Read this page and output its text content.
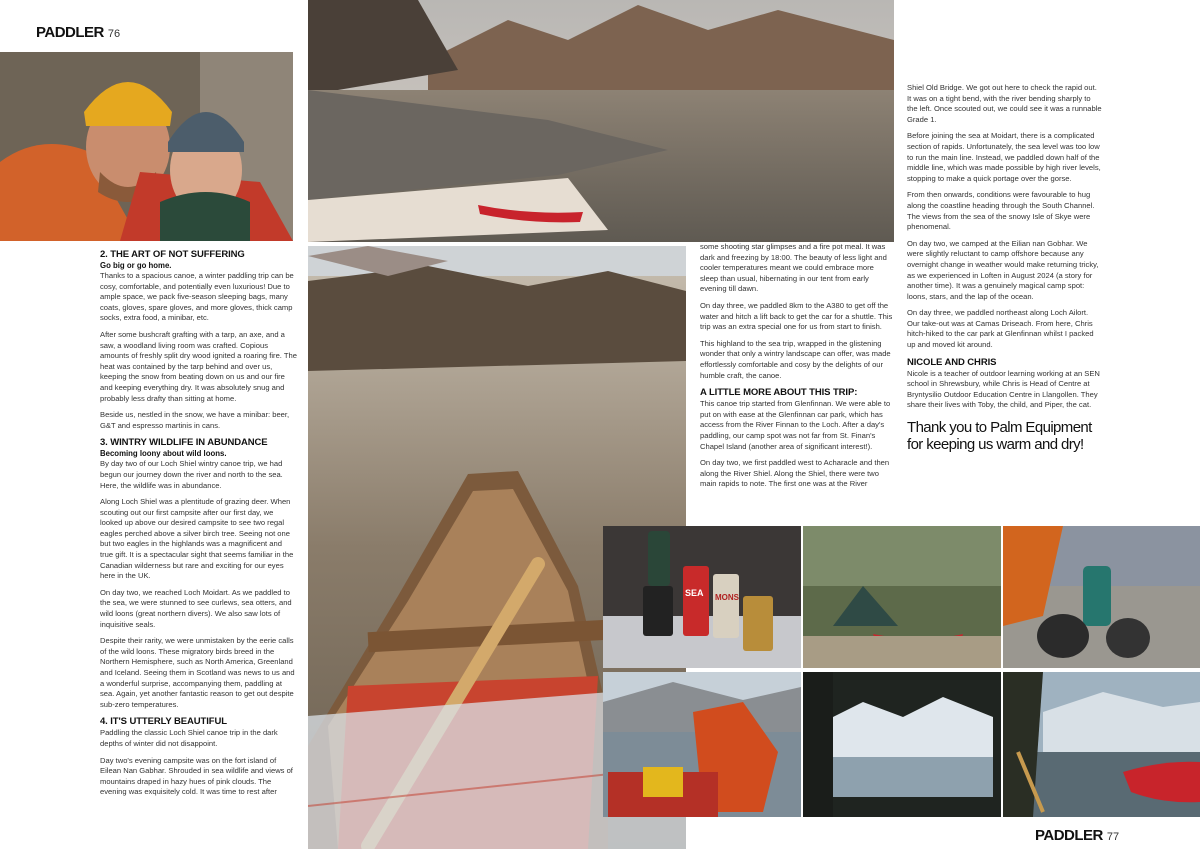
PADDLER 76
SEA MONS
2. THE ART OF NOT SUFFERING
Go big or go home.

Thanks to a spacious canoe, a winter paddling trip can be cosy, comfortable, and potentially even luxurious! Due to ample space, we pack five-season sleeping bags, many coats, gloves, spare gloves, and more gloves, thick camp socks, extra food, a minibar, etc.

After some bushcraft grafting with a tarp, an axe, and a saw, a woodland living room was crafted. Copious amounts of freshly split dry wood ignited a roaring fire. The heat was contained by the tarp behind and over us, keeping the snow from beating down on us and our fire and keeping everything dry. It was absolutely snug and probably less drafty than sitting at home.

Beside us, nestled in the snow, we have a minibar: beer, G&T and espresso martinis in cans.

3. WINTRY WILDLIFE IN ABUNDANCE
Becoming loony about wild loons.

By day two of our Loch Shiel wintry canoe trip, we had begun our journey down the river and north to the sea. Here, the wildlife was in abundance.

Along Loch Shiel was a plentitude of grazing deer. When scouting out our first campsite after our first day, we looked up above our desired campsite to see two regal eagles perched above a silver birch tree. Seeing not one but two eagles in the highlands was a magnificent and true gift. It is a spectacular sight that seems familiar in the Canadian wilderness but rare and exciting for our eyes here in the UK.

On day two, we reached Loch Moidart. As we paddled to the sea, we were stunned to see curlews, sea otters, and wild loons (great northern divers). We also saw lots of inquisitive seals.

Despite their rarity, we were unmistaken by the eerie calls of the wild loons. These migratory birds breed in the Northern Hemisphere, such as North America, Greenland and Iceland. Seeing them in Scotland was news to us and a wonderful surprise, accompanying them, paddling at sea. Again, yet another fantastic reason to get out despite sub-zero temperatures.

4. IT'S UTTERLY BEAUTIFUL

Paddling the classic Loch Shiel canoe trip in the dark depths of winter did not disappoint.

Day two's evening campsite was on the fort island of Eilean Nan Gabhar. Shrouded in sea wildlife and views of mountains draped in hazy hues of pink clouds. The evening was exquisitely cold. It was time to rest after

some shooting star glimpses and a fire pot meal. It was dark and freezing by 18:00. The beauty of less light and cooler temperatures meant we could embrace more sleep than usual, hibernating in our tent from early evening till dawn.

On day three, we paddled 8km to the A380 to get off the water and hitch a lift back to get the car for a shuttle. This trip was an extra special one for us from start to finish.

This highland to the sea trip, wrapped in the glistening wonder that only a wintry landscape can offer, was made effortlessly comfortable and cosy by the delights of our humble craft, the canoe.

A LITTLE MORE ABOUT THIS TRIP:

This canoe trip started from Glenfinnan. We were able to put on with ease at the Glenfinnan car park, which has access from the River Finnan to the Loch. After a day's paddling, our camp spot was not far from St. Finan's Chapel Island (another area of significant interest!).

On day two, we first paddled west to Acharacle and then along the River Shiel. Along the Shiel, there were two main rapids to note. The first one was at the River

Shiel Old Bridge. We got out here to check the rapid out. It was on a tight bend, with the river bending sharply to the left. Once scouted out, we could see it was a runnable Grade 1.

Before joining the sea at Moidart, there is a complicated section of rapids. Unfortunately, the sea level was too low to run the main line. Instead, we paddled down half of the middle line, which was made possible by high river levels, stopping to make a quick portage over the gorse.

From then onwards, conditions were favourable to hug along the coastline heading through the South Channel. The views from the sea of the snowy Isle of Skye were phenomenal.

On day two, we camped at the Eilian nan Gobhar. We were slightly reluctant to camp offshore because any overnight change in weather would make returning tricky, as we experienced in Loften in August 2024 (a story for another time). It was a genuinely magical camp spot: loons, stars, and the lap of the ocean.

On day three, we paddled northeast along Loch Ailort. Our take-out was at Camas Driseach. From here, Chris hitch-hiked to the car park at Glenfinnan whilst I packed up and moved kit around.

NICOLE AND CHRIS

Nicole is a teacher of outdoor learning working at an SEN school in Shrewsbury, while Chris is Head of Centre at Bryntysilio Outdoor Education Centre in Llangollen. They share their lives with Toby, the child, and Piper, the cat.

Thank you to Palm Equipment for keeping us warm and dry!
PADDLER 77
